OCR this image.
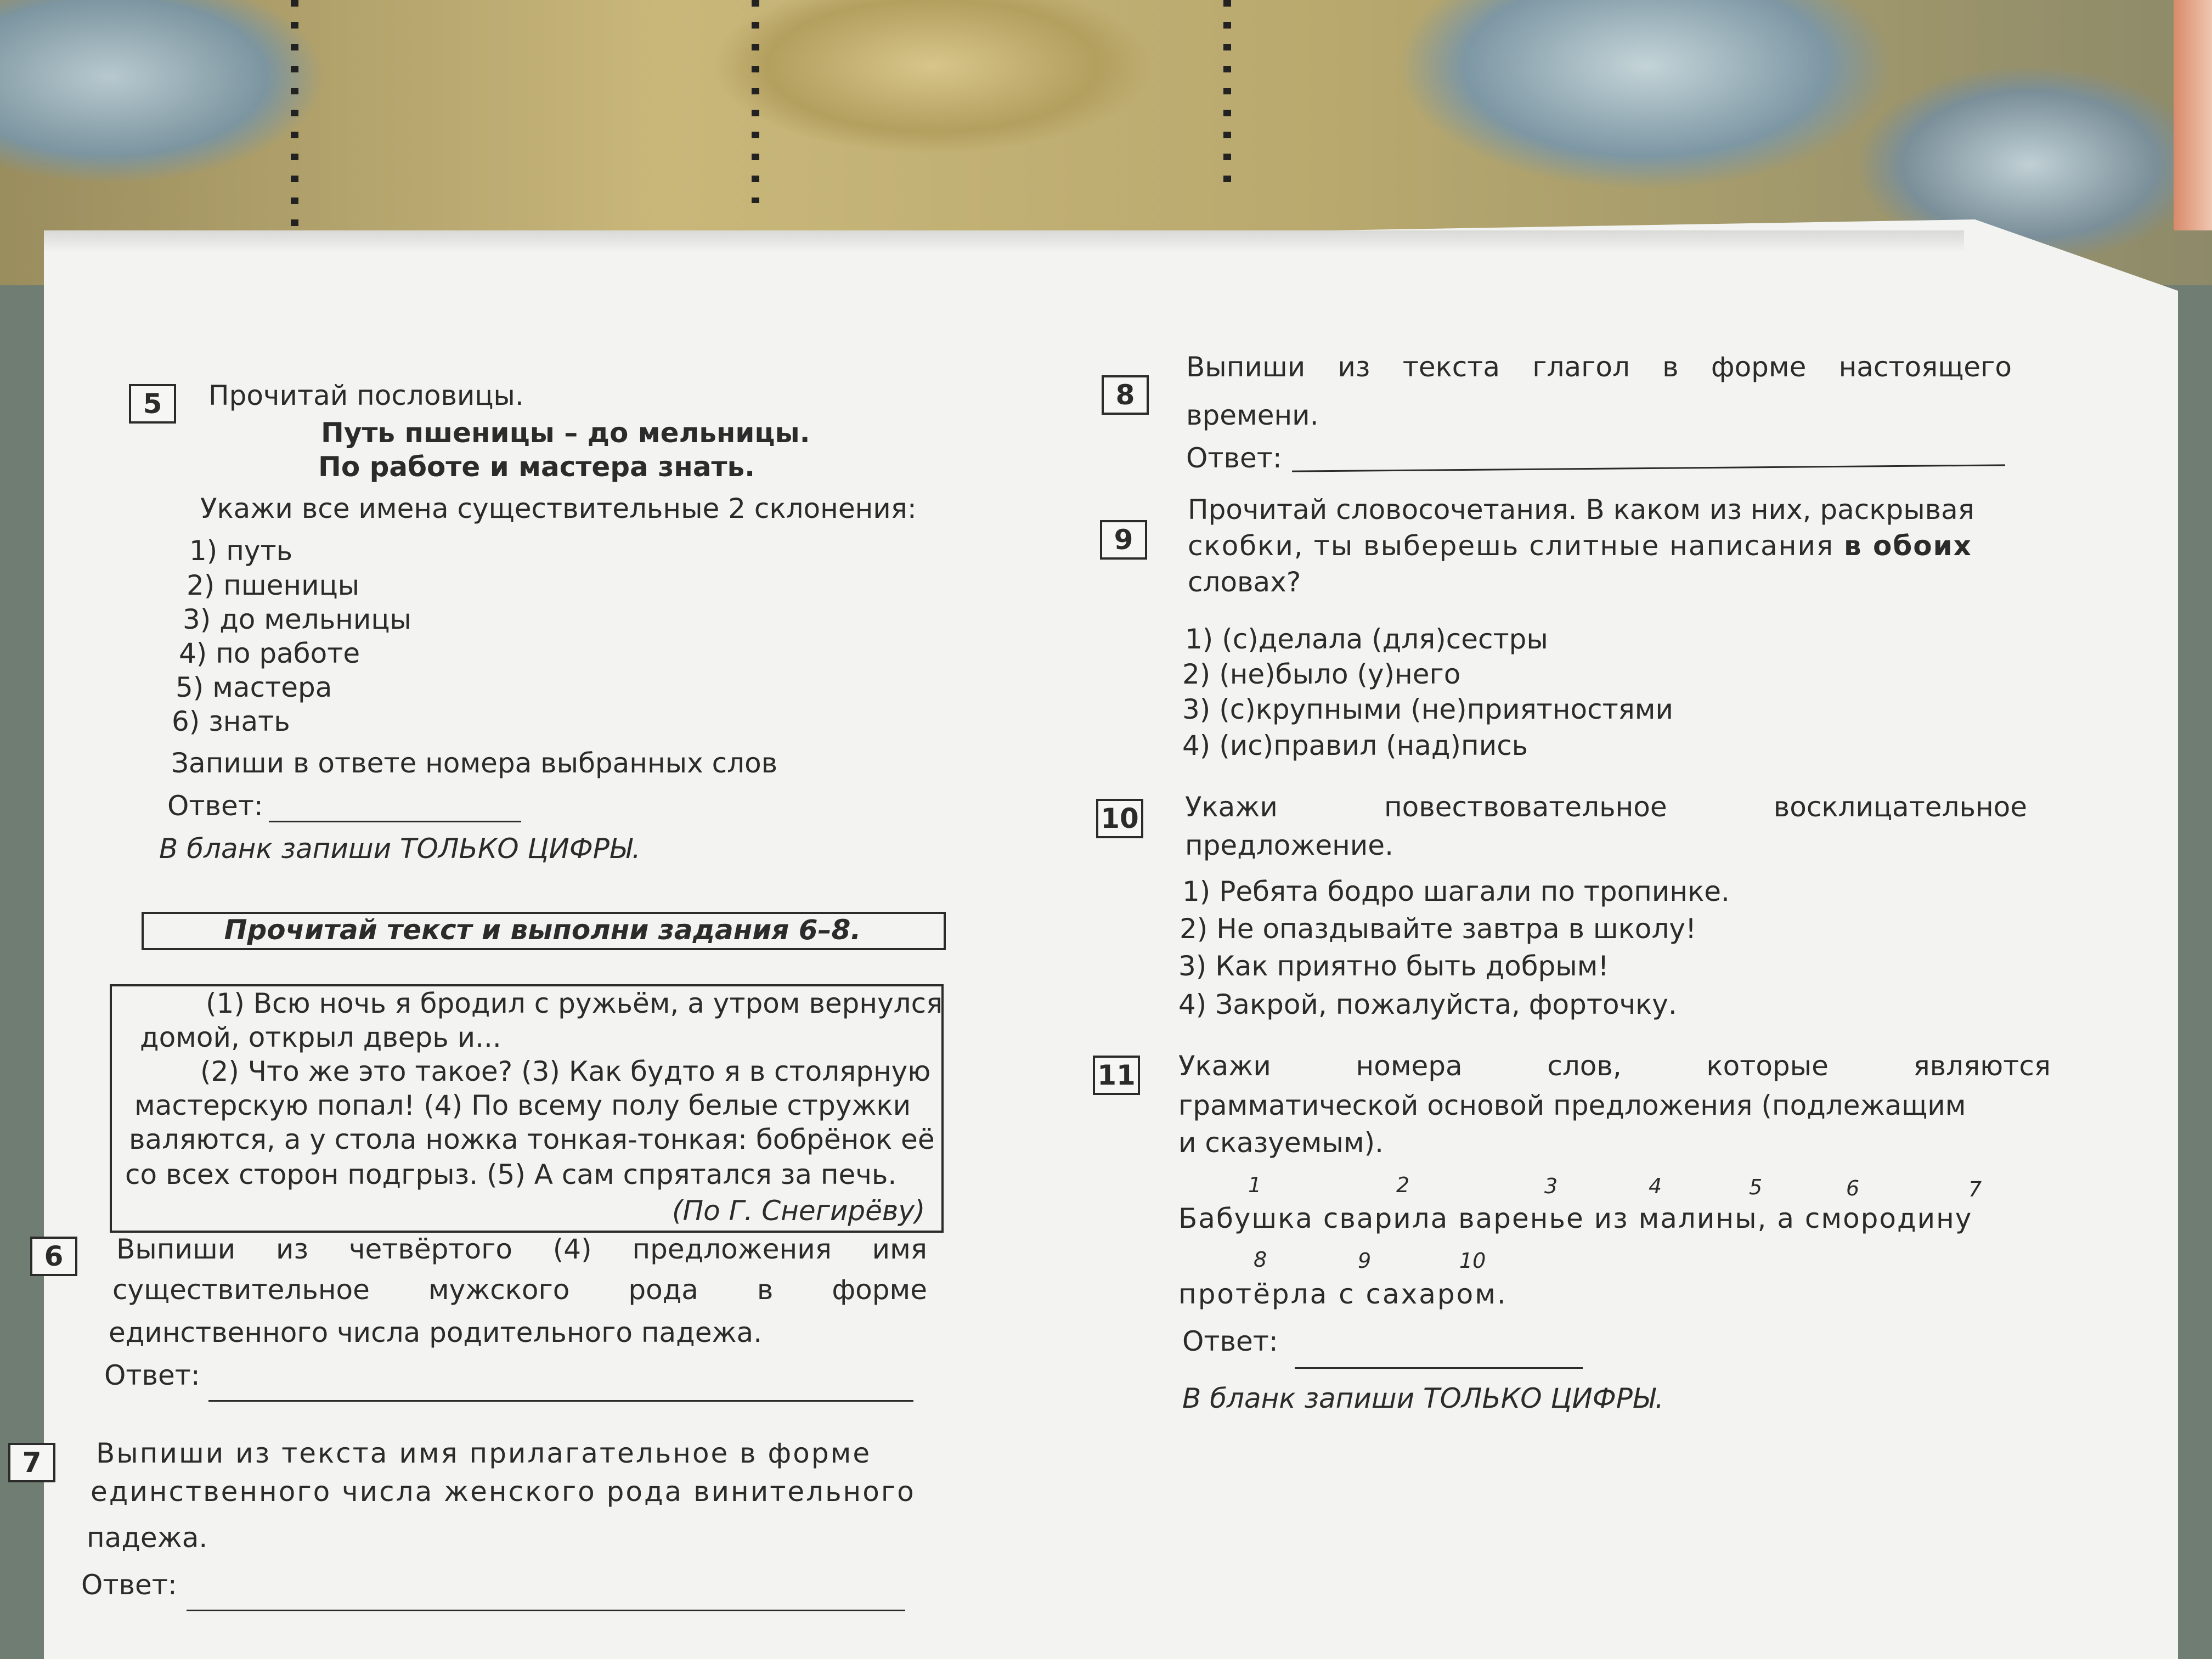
5	Прочитай пословицы.
Путь пшеницы – до мельницы.
По работе и мастера знать.
Укажи все имена существительные 2 склонения:
1) путь
2) пшеницы
3) до мельницы
4) по работе
5) мастера
6) знать
Запиши в ответе номера выбранных слов
Ответ:
В бланк запиши ТОЛЬКО ЦИФРЫ.
Прочитай текст и выполни задания 6–8.
(1) Всю ночь я бродил с ружьём, а утром вернулся
домой, открыл дверь и...
(2) Что же это такое? (3) Как будто я в столярную
мастерскую попал! (4) По всему полу белые стружки
валяются, а у стола ножка тонкая-тонкая: бобрёнок её
со всех сторон подгрыз. (5) А сам спрятался за печь.
(По Г. Снегирёву)
6	Выпиши из четвёртого (4) предложения имя
существительное мужского рода в форме
единственного числа родительного падежа.
Ответ:
7	Выпиши из текста имя прилагательное в форме
единственного числа женского рода винительного
падежа.
Ответ:
8
Выпиши из текста глагол в форме настоящего
времени.
Ответ:
9
Прочитай словосочетания. В каком из них, раскрывая
скобки, ты выберешь слитные написания в обоих
словах?
1) (с)делала (для)сестры
2) (не)было (у)него
3) (с)крупными (не)приятностями
4) (ис)правил (над)пись
10 Укажи	повествовательное	восклицательное
предложение.
1) Ребята бодро шагали по тропинке.
2) Не опаздывайте завтра в школу!
3) Как приятно быть добрым!
4) Закрой, пожалуйста, форточку.
11 Укажи	номера	слов,	которые	являются
грамматической основой предложения (подлежащим
и сказуемым).
1	2	3	4	5	6	7
Бабушка сварила варенье из малины, а смородину
8	9	10
протёрла с сахаром.
Ответ:
В бланк запиши ТОЛЬКО ЦИФРЫ.
